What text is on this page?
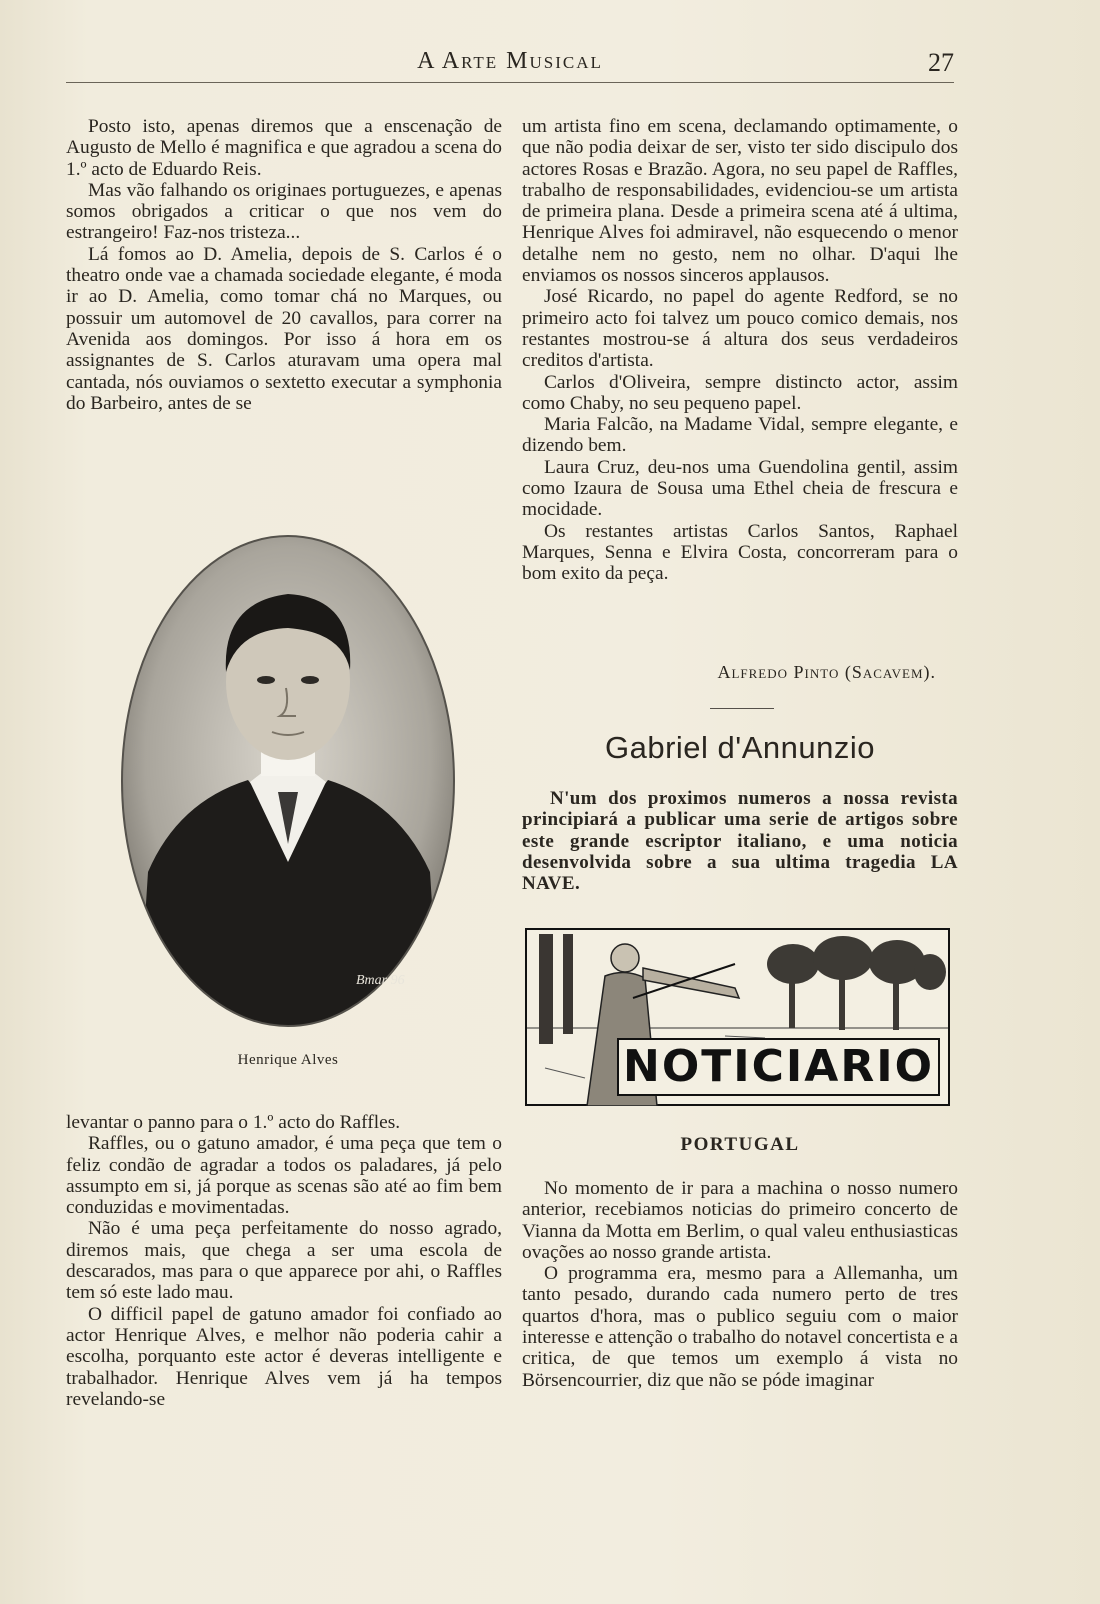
A Arte Musical	27

Posto isto, apenas diremos que a enscenação de Augusto de Mello é magnifica e que agradou a scena do 1.º acto de Eduardo Reis.

Mas vão falhando os originaes portuguezes, e apenas somos obrigados a criticar o que nos vem do estrangeiro! Faz-nos tristeza...

Lá fomos ao D. Amelia, depois de S. Carlos é o theatro onde vae a chamada sociedade elegante, é moda ir ao D. Amelia, como tomar chá no Marques, ou possuir um automovel de 20 cavallos, para correr na Avenida aos domingos. Por isso á hora em os assignantes de S. Carlos aturavam uma opera mal cantada, nós ouviamos o sextetto executar a symphonia do Barbeiro, antes de se

Bmar 96
Henrique Alves

levantar o panno para o 1.º acto do Raffles.

Raffles, ou o gatuno amador, é uma peça que tem o feliz condão de agradar a todos os paladares, já pelo assumpto em si, já porque as scenas são até ao fim bem conduzidas e movimentadas.

Não é uma peça perfeitamente do nosso agrado, diremos mais, que chega a ser uma escola de descarados, mas para o que apparece por ahi, o Raffles tem só este lado mau.

O difficil papel de gatuno amador foi confiado ao actor Henrique Alves, e melhor não poderia cahir a escolha, porquanto este actor é deveras intelligente e trabalhador. Henrique Alves vem já ha tempos revelando-se

um artista fino em scena, declamando optimamente, o que não podia deixar de ser, visto ter sido discipulo dos actores Rosas e Brazão. Agora, no seu papel de Raffles, trabalho de responsabilidades, evidenciou-se um artista de primeira plana. Desde a primeira scena até á ultima, Henrique Alves foi admiravel, não esquecendo o menor detalhe nem no gesto, nem no olhar. D'aqui lhe enviamos os nossos sinceros applausos.

José Ricardo, no papel do agente Redford, se no primeiro acto foi talvez um pouco comico demais, nos restantes mostrou-se á altura dos seus verdadeiros creditos d'artista.

Carlos d'Oliveira, sempre distincto actor, assim como Chaby, no seu pequeno papel.

Maria Falcão, na Madame Vidal, sempre elegante, e dizendo bem.

Laura Cruz, deu-nos uma Guendolina gentil, assim como Izaura de Sousa uma Ethel cheia de frescura e mocidade.

Os restantes artistas Carlos Santos, Raphael Marques, Senna e Elvira Costa, concorreram para o bom exito da peça.

Alfredo Pinto (Sacavem).
Gabriel d'Annunzio

N'um dos proximos numeros a nossa revista principiará a publicar uma serie de artigos sobre este grande escriptor italiano, e uma noticia desenvolvida sobre a sua ultima tragedia LA NAVE.

NOTICIARIO
PORTUGAL

No momento de ir para a machina o nosso numero anterior, recebiamos noticias do primeiro concerto de Vianna da Motta em Berlim, o qual valeu enthusiasticas ovações ao nosso grande artista.

O programma era, mesmo para a Allemanha, um tanto pesado, durando cada numero perto de tres quartos d'hora, mas o publico seguiu com o maior interesse e attenção o trabalho do notavel concertista e a critica, de que temos um exemplo á vista no Börsencourrier, diz que não se póde imaginar
